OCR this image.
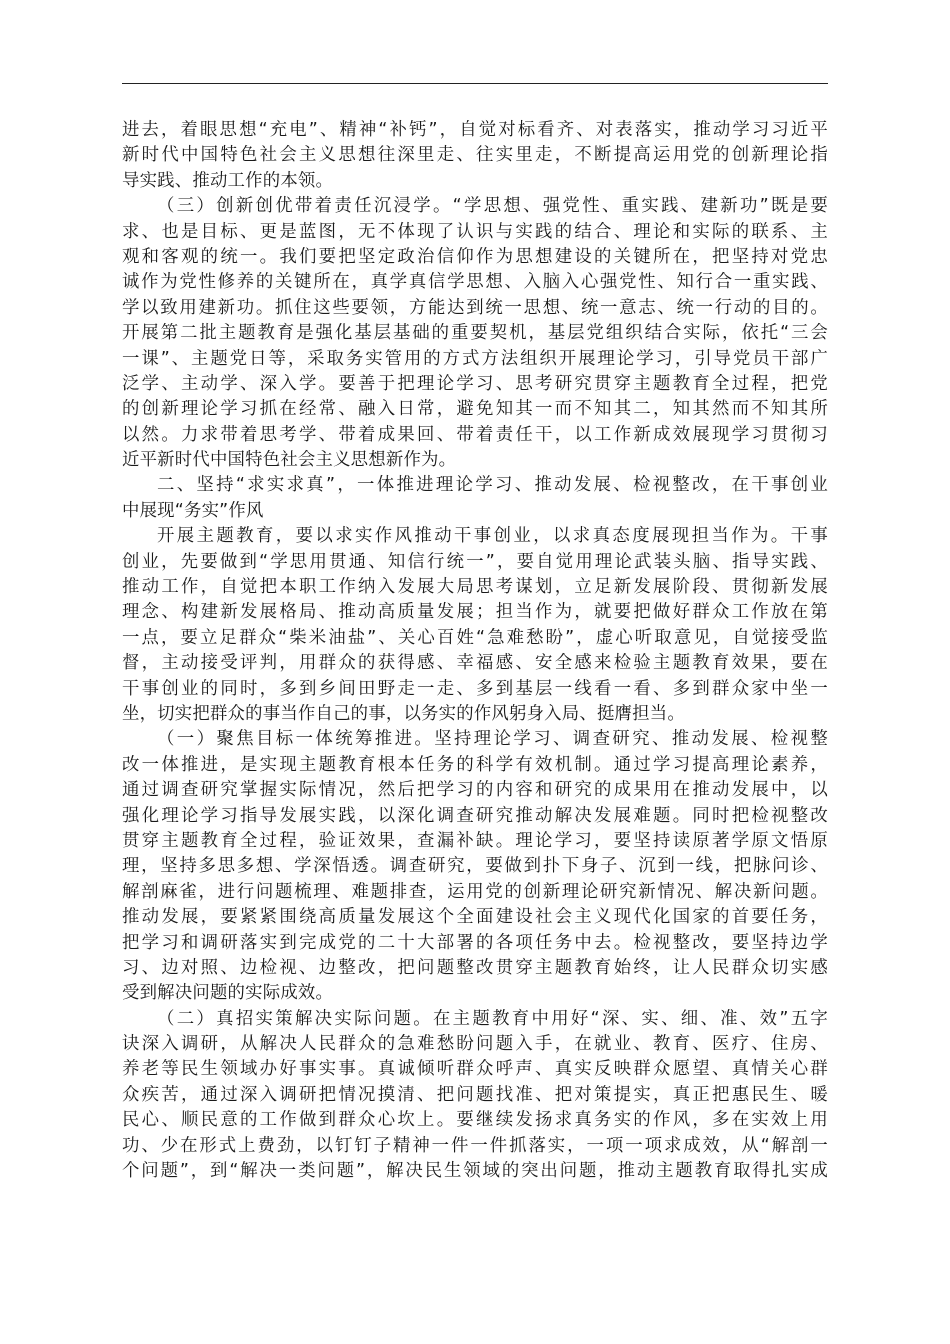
进去，着眼思想“充电”、精神“补钙”，自觉对标看齐、对表落实，推动学习习近平
新时代中国特色社会主义思想往深里走、往实里走，不断提高运用党的创新理论指
导实践、推动工作的本领。
（三）创新创优带着责任沉浸学。“学思想、强党性、重实践、建新功”既是要
求、也是目标、更是蓝图，无不体现了认识与实践的结合、理论和实际的联系、主
观和客观的统一。我们要把坚定政治信仰作为思想建设的关键所在，把坚持对党忠
诚作为党性修养的关键所在，真学真信学思想、入脑入心强党性、知行合一重实践、
学以致用建新功。抓住这些要领，方能达到统一思想、统一意志、统一行动的目的。
开展第二批主题教育是强化基层基础的重要契机，基层党组织结合实际，依托“三会
一课”、主题党日等，采取务实管用的方式方法组织开展理论学习，引导党员干部广
泛学、主动学、深入学。要善于把理论学习、思考研究贯穿主题教育全过程，把党
的创新理论学习抓在经常、融入日常，避免知其一而不知其二，知其然而不知其所
以然。力求带着思考学、带着成果回、带着责任干，以工作新成效展现学习贯彻习
近平新时代中国特色社会主义思想新作为。
二、坚持“求实求真”，一体推进理论学习、推动发展、检视整改，在干事创业
中展现“务实”作风
开展主题教育，要以求实作风推动干事创业，以求真态度展现担当作为。干事
创业，先要做到“学思用贯通、知信行统一”，要自觉用理论武装头脑、指导实践、
推动工作，自觉把本职工作纳入发展大局思考谋划，立足新发展阶段、贯彻新发展
理念、构建新发展格局、推动高质量发展；担当作为，就要把做好群众工作放在第
一点，要立足群众“柴米油盐”、关心百姓“急难愁盼”，虚心听取意见，自觉接受监
督，主动接受评判，用群众的获得感、幸福感、安全感来检验主题教育效果，要在
干事创业的同时，多到乡间田野走一走、多到基层一线看一看、多到群众家中坐一
坐，切实把群众的事当作自己的事，以务实的作风躬身入局、挺膺担当。
（一）聚焦目标一体统筹推进。坚持理论学习、调查研究、推动发展、检视整
改一体推进，是实现主题教育根本任务的科学有效机制。通过学习提高理论素养，
通过调查研究掌握实际情况，然后把学习的内容和研究的成果用在推动发展中，以
强化理论学习指导发展实践，以深化调查研究推动解决发展难题。同时把检视整改
贯穿主题教育全过程，验证效果，查漏补缺。理论学习，要坚持读原著学原文悟原
理，坚持多思多想、学深悟透。调查研究，要做到扑下身子、沉到一线，把脉问诊、
解剖麻雀，进行问题梳理、难题排查，运用党的创新理论研究新情况、解决新问题。
推动发展，要紧紧围绕高质量发展这个全面建设社会主义现代化国家的首要任务，
把学习和调研落实到完成党的二十大部署的各项任务中去。检视整改，要坚持边学
习、边对照、边检视、边整改，把问题整改贯穿主题教育始终，让人民群众切实感
受到解决问题的实际成效。
（二）真招实策解决实际问题。在主题教育中用好“深、实、细、准、效”五字
诀深入调研，从解决人民群众的急难愁盼问题入手，在就业、教育、医疗、住房、
养老等民生领域办好事实事。真诚倾听群众呼声、真实反映群众愿望、真情关心群
众疾苦，通过深入调研把情况摸清、把问题找准、把对策提实，真正把惠民生、暖
民心、顺民意的工作做到群众心坎上。要继续发扬求真务实的作风，多在实效上用
功、少在形式上费劲，以钉钉子精神一件一件抓落实，一项一项求成效，从“解剖一
个问题”，到“解决一类问题”，解决民生领域的突出问题，推动主题教育取得扎实成
